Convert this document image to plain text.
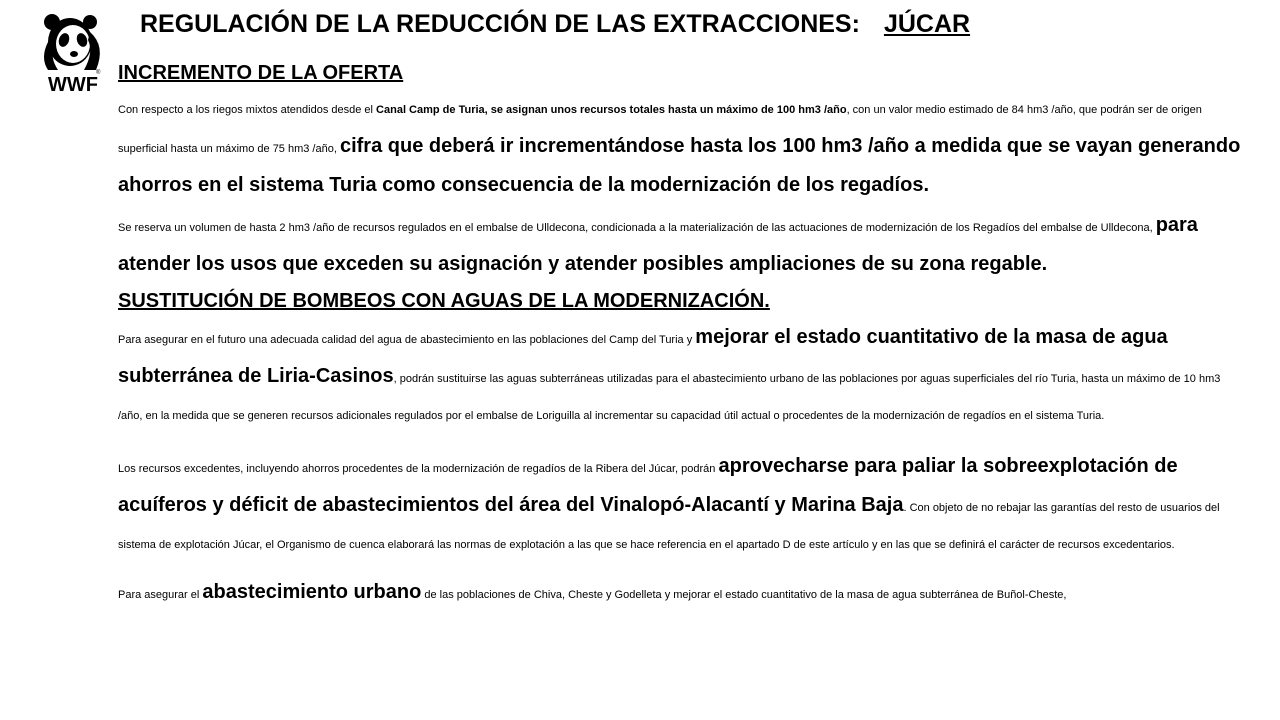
WWF
®
REGULACIÓN DE LA REDUCCIÓN DE LAS EXTRACCIONES: JÚCAR

INCREMENTO DE LA OFERTA

Con respecto a los riegos mixtos atendidos desde el Canal Camp de Turia, se asignan unos recursos totales hasta un máximo de 100 hm3 /año, con un valor medio estimado de 84 hm3 /año, que podrán ser de origen superficial hasta un máximo de 75 hm3 /año, cifra que deberá ir incrementándose hasta los 100 hm3 /año a medida que se vayan generando ahorros en el sistema Turia como consecuencia de la modernización de los regadíos.

Se reserva un volumen de hasta 2 hm3 /año de recursos regulados en el embalse de Ulldecona, condicionada a la materialización de las actuaciones de modernización de los Regadíos del embalse de Ulldecona, para atender los usos que exceden su asignación y atender posibles ampliaciones de su zona regable.

SUSTITUCIÓN DE BOMBEOS CON AGUAS DE LA MODERNIZACIÓN.

Para asegurar en el futuro una adecuada calidad del agua de abastecimiento en las poblaciones del Camp del Turia y mejorar el estado cuantitativo de la masa de agua subterránea de Liria-Casinos, podrán sustituirse las aguas subterráneas utilizadas para el abastecimiento urbano de las poblaciones por aguas superficiales del río Turia, hasta un máximo de 10 hm3 /año, en la medida que se generen recursos adicionales regulados por el embalse de Loriguilla al incrementar su capacidad útil actual o procedentes de la modernización de regadíos en el sistema Turia.

Los recursos excedentes, incluyendo ahorros procedentes de la modernización de regadíos de la Ribera del Júcar, podrán aprovecharse para paliar la sobreexplotación de acuíferos y déficit de abastecimientos del área del Vinalopó-Alacantí y Marina Baja. Con objeto de no rebajar las garantías del resto de usuarios del sistema de explotación Júcar, el Organismo de cuenca elaborará las normas de explotación a las que se hace referencia en el apartado D de este artículo y en las que se definirá el carácter de recursos excedentarios.

Para asegurar el abastecimiento urbano de las poblaciones de Chiva, Cheste y Godelleta y mejorar el estado cuantitativo de la masa de agua subterránea de Buñol-Cheste,
